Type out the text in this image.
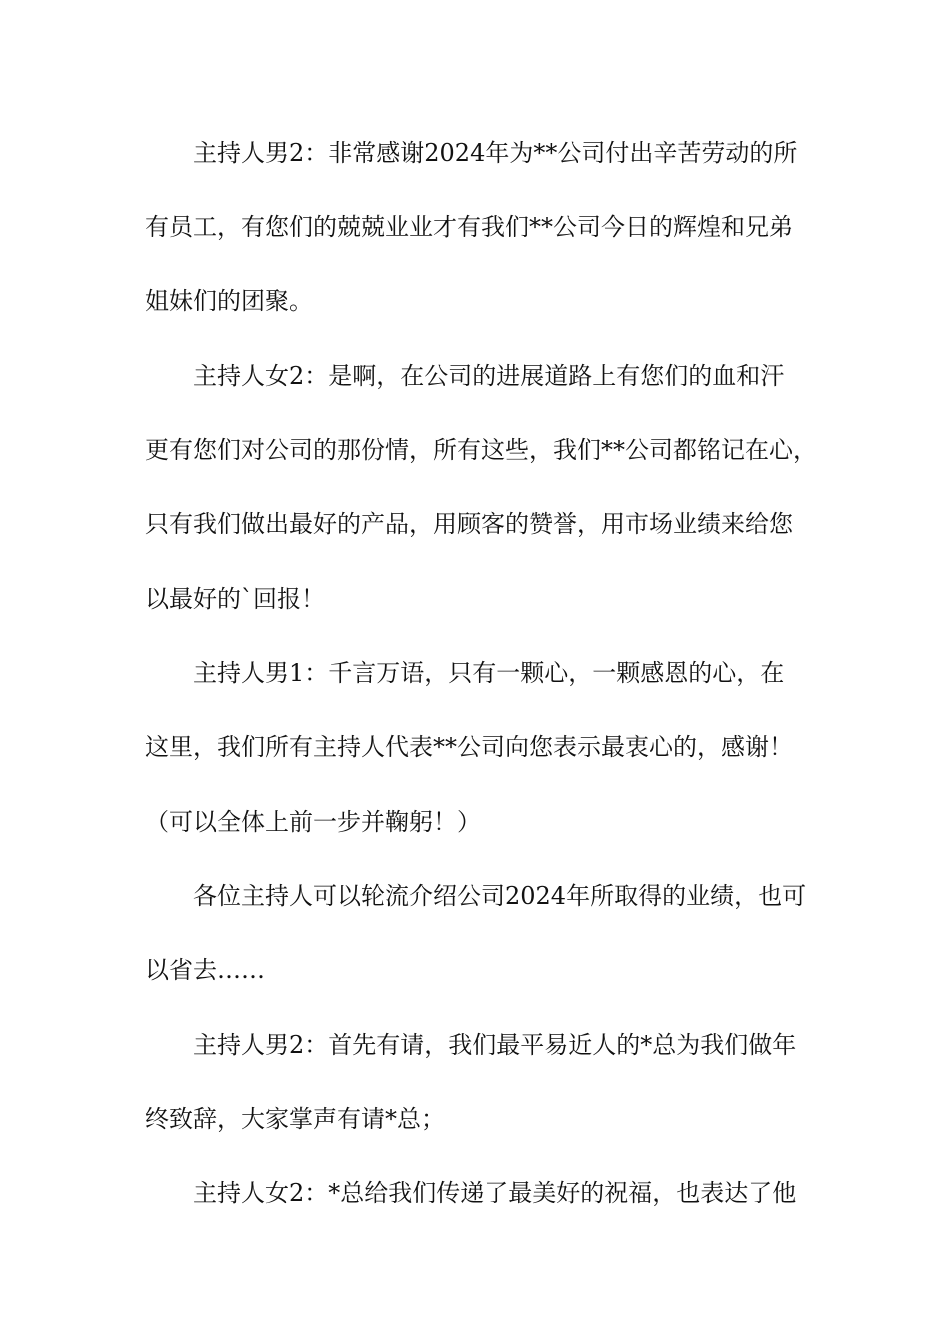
主持人男2：非常感谢2024年为**公司付出辛苦劳动的所
有员工，有您们的兢兢业业才有我们**公司今日的辉煌和兄弟
姐妹们的团聚。
主持人女2：是啊，在公司的进展道路上有您们的血和汗
更有您们对公司的那份情，所有这些，我们**公司都铭记在心，
只有我们做出最好的产品，用顾客的赞誉，用市场业绩来给您
以最好的`回报！
主持人男1：千言万语，只有一颗心，一颗感恩的心，在
这里，我们所有主持人代表**公司向您表示最衷心的，感谢！
（可以全体上前一步并鞠躬！）
各位主持人可以轮流介绍公司2024年所取得的业绩，也可
以省去……
主持人男2：首先有请，我们最平易近人的*总为我们做年
终致辞，大家掌声有请*总；
主持人女2：*总给我们传递了最美好的祝福，也表达了他
